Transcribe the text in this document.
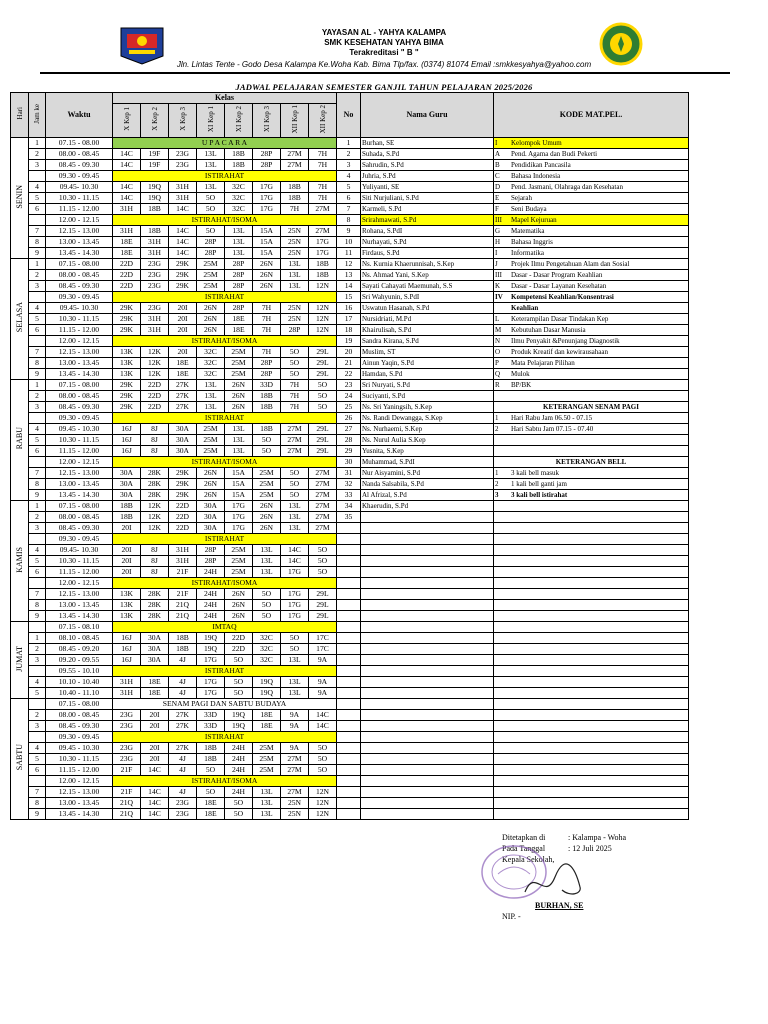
YAYASAN AL - YAHYA KALAMPA
SMK KESEHATAN YAHYA BIMA
Terakreditasi " B "
Jln. Lintas Tente - Godo Desa Kalampa Ke.Woha Kab. Bima Tlp/fax. (0374) 81074 Email :smkkesyahya@yahoo.com
JADWAL PELAJARAN SEMESTER GANJIL TAHUN PELAJARAN 2025/2026
Hari	Jam ke	Waktu	Kelas								No	Nama Guru	KODE MAT.PEL.
			X Kep 1	X Kep 2	X Kep 3	XI Kep 1	XI Kep 2	XI Kep 3	XII Kep 1	XII Kep 2			
SENIN	1	07.15 - 08.00	U P A C A R A								1	Burhan, SE	I Kelompok Umum
	2	08.00 - 08.45	14C	19F	23G	13L	18B	28P	27M	7H	2	Suhada, S.Pd	A Pend. Agama dan Budi Pekerti
	3	08.45 - 09.30	14C	19F	23G	13L	18B	28P	27M	7H	3	Sahrudin, S.Pd	B Pendidikan Pancasila
		09.30 - 09.45	ISTIRAHAT								4	Juhria, S.Pd	C Bahasa Indonesia
	4	09.45- 10.30	14C	19Q	31H	13L	32C	17G	18B	7H	5	Yuliyanti, SE	D Pend. Jasmani, Olahraga dan Kesehatan
	5	10.30 - 11.15	14C	19Q	31H	5O	32C	17G	18B	7H	6	Siti Nurjuliani, S.Pd	E Sejarah
	6	11.15 - 12.00	31H	18B	14C	5O	32C	17G	7H	27M	7	Karmeli, S.Pd	F Seni Budaya
		12.00 - 12.15	ISTIRAHAT/ISOMA								8	Srirahmawati, S.Pd	III Mapel Kejuruan
	7	12.15 - 13.00	31H	18B	14C	5O	13L	15A	25N	27M	9	Rohana, S.PdI	G Matematika
	8	13.00 - 13.45	18E	31H	14C	28P	13L	15A	25N	17G	10	Nurhayati, S.Pd	H Bahasa Inggris
	9	13.45 - 14.30	18E	31H	14C	28P	13L	15A	25N	17G	11	Firdaus, S.Pd	I Informatika
SELASA	1	07.15 - 08.00	22D	23G	29K	25M	28P	26N	13L	18B	12	Ns. Kurnia Khaerunnisah, S.Kep	J Projek Ilmu Pengetahuan Alam dan Sosial
	2	08.00 - 08.45	22D	23G	29K	25M	28P	26N	13L	18B	13	Ns. Ahmad Yani, S.Kep	III Dasar - Dasar Program Keahlian
	3	08.45 - 09.30	22D	23G	29K	25M	28P	26N	13L	12N	14	Sayati Cahayati Maemunah, S.S	K Dasar - Dasar Layanan Kesehatan
		09.30 - 09.45	ISTIRAHAT								15	Sri Wahyunin, S.PdI	IV Kompetensi Keahlian/Konsentrasi
	4	09.45- 10.30	29K	23G	20I	26N	28P	7H	25N	12N	16	Uswatun Hasanah, S.Pd	Keahlian
	5	10.30 - 11.15	29K	31H	20I	26N	18E	7H	25N	12N	17	Nursidriati, M.Pd	L Keterampilan Dasar Tindakan Kep
	6	11.15 - 12.00	29K	31H	20I	26N	18E	7H	28P	12N	18	Khairulisah, S.Pd	M Kebutuhan Dasar Manusia
		12.00 - 12.15	ISTIRAHAT/ISOMA								19	Sandra Kirana, S.Pd	N Ilmu Penyakit &Penunjang Diagnostik
	7	12.15 - 13.00	13K	12K	20I	32C	25M	7H	5O	29L	20	Muslim, ST	O Produk Kreatif dan kewirausahaan
	8	13.00 - 13.45	13K	12K	18E	32C	25M	28P	5O	29L	21	Ainun Yaqin, S.Pd	P Mata Pelajaran Pilihan
	9	13.45 - 14.30	13K	12K	18E	32C	25M	28P	5O	29L	22	Hamdan, S.Pd	Q Mulok
RABU	1	07.15 - 08.00	29K	22D	27K	13L	26N	33D	7H	5O	23	Sri Nuryati, S.Pd	R BP/BK
	2	08.00 - 08.45	29K	22D	27K	13L	26N	18B	7H	5O	24	Suciyanti, S.Pd	
	3	08.45 - 09.30	29K	22D	27K	13L	26N	18B	7H	5O	25	Ns. Sri Yaningsih, S.Kep	KETERANGAN SENAM PAGI
		09.30 - 09.45	ISTIRAHAT								26	Ns. Randi Dewangga, S.Kep	1 Hari Rabu Jam 06.50 - 07.15
	4	09.45 - 10.30	16J	8J	30A	25M	13L	18B	27M	29L	27	Ns. Nurhaemi, S.Kep	2 Hari Sabtu Jam 07.15 - 07.40
	5	10.30 - 11.15	16J	8J	30A	25M	13L	5O	27M	29L	28	Ns. Nurul Aulia S.Kep	
	6	11.15 - 12.00	16J	8J	30A	25M	13L	5O	27M	29L	29	Yusnita, S.Kep	
		12.00 - 12.15	ISTIRAHAT/ISOMA								30	Muhammad, S.PdI	KETERANGAN BELL
	7	12.15 - 13.00	30A	28K	29K	26N	15A	25M	5O	27M	31	Nur Aisyamini, S.Pd	1 3 kali bell masuk
	8	13.00 - 13.45	30A	28K	29K	26N	15A	25M	5O	27M	32	Nanda Salsabila, S.Pd	2 1 kali bell ganti jam
	9	13.45 - 14.30	30A	28K	29K	26N	15A	25M	5O	27M	33	Al Afrizal, S.Pd	3 3 kali bell istirahat
KAMIS	1	07.15 - 08.00	18B	12K	22D	30A	17G	26N	13L	27M	34	Khaerudin, S.Pd	
	2	08.00 - 08.45	18B	12K	22D	30A	17G	26N	13L	27M	35		
	3	08.45 - 09.30	20I	12K	22D	30A	17G	26N	13L	27M			
		09.30 - 09.45	ISTIRAHAT										
	4	09.45- 10.30	20I	8J	31H	28P	25M	13L	14C	5O			
	5	10.30 - 11.15	20I	8J	31H	28P	25M	13L	14C	5O			
	6	11.15 - 12.00	20I	8J	21F	24H	25M	13L	17G	5O			
		12.00 - 12.15	ISTIRAHAT/ISOMA										
	7	12.15 - 13.00	13K	28K	21F	24H	26N	5O	17G	29L			
	8	13.00 - 13.45	13K	28K	21Q	24H	26N	5O	17G	29L			
	9	13.45 - 14.30	13K	28K	21Q	24H	26N	5O	17G	29L			
JUMAT		07.15 - 08.10	IMTAQ										
	1	08.10 - 08.45	16J	30A	18B	19Q	22D	32C	5O	17C			
	2	08.45 - 09.20	16J	30A	18B	19Q	22D	32C	5O	17C			
	3	09.20 - 09.55	16J	30A	4J	17G	5O	32C	13L	9A			
		09.55 - 10.10	ISTIRAHAT										
	4	10.10 - 10.40	31H	18E	4J	17G	5O	19Q	13L	9A			
	5	10.40 - 11.10	31H	18E	4J	17G	5O	19Q	13L	9A			
SABTU		07.15 - 08.00	SENAM PAGI DAN SABTU BUDAYA										
	2	08.00 - 08.45	23G	20I	27K	33D	19Q	18E	9A	14C			
	3	08.45 - 09.30	23G	20I	27K	33D	19Q	18E	9A	14C			
		09.30 - 09.45	ISTIRAHAT										
	4	09.45 - 10.30	23G	20I	27K	18B	24H	25M	9A	5O			
	5	10.30 - 11.15	23G	20I	4J	18B	24H	25M	27M	5O			
	6	11.15 - 12.00	21F	14C	4J	5O	24H	25M	27M	5O			
		12.00 - 12.15	ISTIRAHAT/ISOMA										
	7	12.15 - 13.00	21F	14C	4J	5O	24H	13L	27M	12N			
	8	13.00 - 13.45	21Q	14C	23G	18E	5O	13L	25N	12N			
	9	13.45 - 14.30	21Q	14C	23G	18E	5O	13L	25N	12N			
Ditetapkan di	: Kalampa - Woha
Pada Tanggal	: 12 Juli 2025
Kepala Sekolah,
BURHAN, SE
NIP. -
